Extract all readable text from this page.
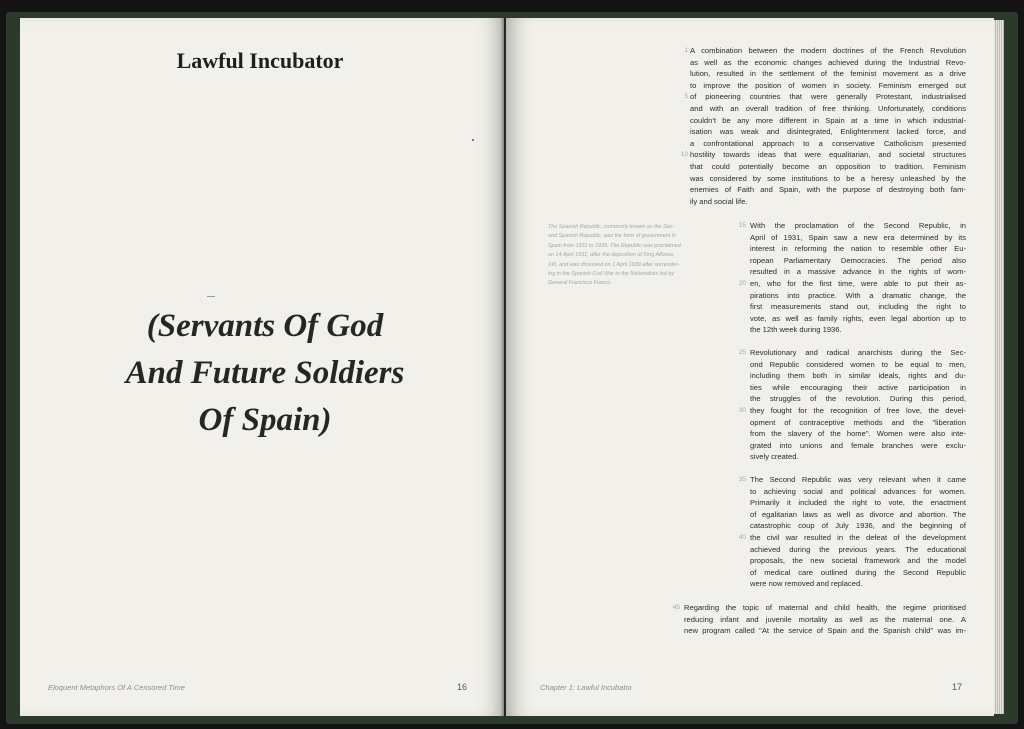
Lawful Incubator
(Servants Of God
And Future Soldiers
Of Spain)
Eloquent Metaphors Of A Censored Time	16
The Spanish Republic, commonly known as the Sec-
ond Spanish Republic, was the form of government in
Spain from 1931 to 1939. The Republic was proclaimed
on 14 April 1931, after the deposition of King Alfonso
XIII, and was dissolved on 1 April 1939 after surrender-
ing in the Spanish Civil War to the Nationalists led by
General Francisco Franco.
1
5
10
15
20
25
30
35
40
45
A combination between the modern doctrines of the French Revolution
as well as the economic changes achieved during the Industrial Revo-
lution, resulted in the settlement of the feminist movement as a drive
to improve the position of women in society. Feminism emerged out
of pioneering countries that were generally Protestant, industrialised
and with an overall tradition of free thinking. Unfortunately, conditions
couldn't be any more different in Spain at a time in which industrial-
isation was weak and disintegrated, Enlightenment lacked force, and
a confrontational approach to a conservative Catholicism presented
hostility towards ideas that were equalitarian, and societal structures
that could potentially become an opposition to tradition. Feminism
was considered by some institutions to be a heresy unleashed by the
enemies of Faith and Spain, with the purpose of destroying both fam-
ily and social life.
With the proclamation of the Second Republic, in
April of 1931, Spain saw a new era determined by its
interest in reforming the nation to resemble other Eu-
ropean Parliamentary Democracies. The period also
resulted in a massive advance in the rights of wom-
en, who for the first time, were able to put their as-
pirations into practice. With a dramatic change, the
first measurements stand out, including the right to
vote, as well as family rights, even legal abortion up to
the 12th week during 1936.
Revolutionary and radical anarchists during the Sec-
ond Republic considered women to be equal to men,
including them both in similar ideals, rights and du-
ties while encouraging their active participation in
the struggles of the revolution. During this period,
they fought for the recognition of free love, the devel-
opment of contraceptive methods and the "liberation
from the slavery of the home". Women were also inte-
grated into unions and female branches were exclu-
sively created.
The Second Republic was very relevant when it came
to achieving social and political advances for women.
Primarily it included the right to vote, the enactment
of egalitarian laws as well as divorce and abortion. The
catastrophic coup of July 1936, and the beginning of
the civil war resulted in the defeat of the development
achieved during the previous years. The educational
proposals, the new societal framework and the model
of medical care outlined during the Second Republic
were now removed and replaced.
Regarding the topic of maternal and child health, the regime prioritised
reducing infant and juvenile mortality as well as the maternal one. A
new program called "At the service of Spain and the Spanish child" was im-
Chapter 1: Lawful Incubator	17
